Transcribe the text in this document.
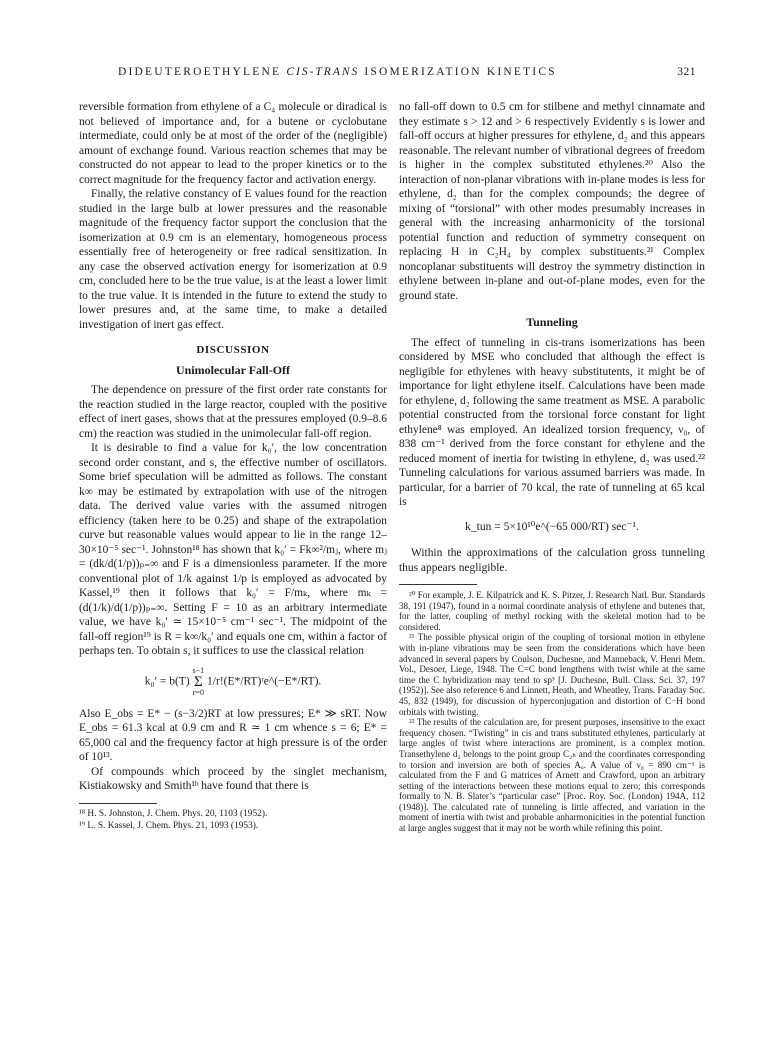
DIDEUTEROETHYLENE CIS-TRANS ISOMERIZATION KINETICS	321

reversible formation from ethylene of a C₄ molecule or diradical is not believed of importance and, for a butene or cyclobutane intermediate, could only be at most of the order of the (negligible) amount of exchange found. Various reaction schemes that may be constructed do not appear to lead to the proper kinetics or to the correct magnitude for the frequency factor and activation energy.

Finally, the relative constancy of E values found for the reaction studied in the large bulb at lower pressures and the reasonable magnitude of the frequency factor support the conclusion that the isomerization at 0.9 cm is an elementary, homogeneous process essentially free of heterogeneity or free radical sensitization. In any case the observed activation energy for isomerization at 0.9 cm, concluded here to be the true value, is at the least a lower limit to the true value. It is intended in the future to extend the study to lower presures and, at the same time, to make a detailed investigation of inert gas effect.

DISCUSSION
Unimolecular Fall-Off

The dependence on pressure of the first order rate constants for the reaction studied in the large reactor, coupled with the positive effect of inert gases, shows that at the pressures employed (0.9–8.6 cm) the reaction was studied in the unimolecular fall-off region.

It is desirable to find a value for k₀′, the low concentration second order constant, and s, the effective number of oscillators. Some brief speculation will be admitted as follows. The constant k∞ may be estimated by extrapolation with use of the nitrogen data. The derived value varies with the assumed nitrogen efficiency (taken here to be 0.25) and shape of the extrapolation curve but reasonable values would appear to lie in the range 12–30×10⁻⁵ sec⁻¹. Johnston¹⁸ has shown that k₀′ = Fk∞²/mⱼ, where mⱼ = (dk/d(1/p))ₚ₌∞ and F is a dimensionless parameter. If the more conventional plot of 1/k against 1/p is employed as advocated by Kassel,¹⁹ then it follows that k₀′ = F/mₖ, where mₖ = (d(1/k)/d(1/p))ₚ₌∞. Setting F = 10 as an arbitrary intermediate value, we have k₀′ ≃ 15×10⁻⁵ cm⁻¹ sec⁻¹. The midpoint of the fall-off region¹⁹ is R = k∞/k₀′ and equals one cm, within a factor of perhaps ten. To obtain s, it suffices to use the classical relation

k₀′ = b(T) s−1
Σ
r=0 1/r!(E*/RT)ʳe^(−E*/RT).

Also E_obs = E* − (s−3/2)RT at low pressures; E* ≫ sRT. Now E_obs = 61.3 kcal at 0.9 cm and R ≃ 1 cm whence s = 6; E* = 65,000 cal and the frequency factor at high pressure is of the order of 10¹³.

Of compounds which proceed by the singlet mechanism, Kistiakowsky and Smith¹ᵇ have found that there is

¹⁸ H. S. Johnston, J. Chem. Phys. 20, 1103 (1952).

¹⁹ L. S. Kassel, J. Chem. Phys. 21, 1093 (1953).

no fall-off down to 0.5 cm for stilbene and methyl cinnamate and they estimate s > 12 and > 6 respectively Evidently s is lower and fall-off occurs at higher pressures for ethylene, d₂ and this appears reasonable. The relevant number of vibrational degrees of freedom is higher in the complex substituted ethylenes.²⁰ Also the interaction of non-planar vibrations with in-plane modes is less for ethylene, d₂ than for the complex compounds; the degree of mixing of “torsional” with other modes presumably increases in general with the increasing anharmonicity of the torsional potential function and reduction of symmetry consequent on replacing H in C₂H₄ by complex substituents.²¹ Complex noncoplanar substituents will destroy the symmetry distinction in ethylene between in-plane and out-of-plane modes, even for the ground state.

Tunneling

The effect of tunneling in cis-trans isomerizations has been considered by MSE who concluded that although the effect is negligible for ethylenes with heavy substitutents, it might be of importance for light ethylene itself. Calculations have been made for ethylene, d₂ following the same treatment as MSE. A parabolic potential constructed from the torsional force constant for light ethylene⁸ was employed. An idealized torsion frequency, ν₀, of 838 cm⁻¹ derived from the force constant for ethylene and the reduced moment of inertia for twisting in ethylene, d₂ was used.²² Tunneling calculations for various assumed barriers was made. In particular, for a barrier of 70 kcal, the rate of tunneling at 65 kcal is

k_tun = 5×10¹⁰e^(−65 000/RT) sec⁻¹.

Within the approximations of the calculation gross tunneling thus appears negligible.

²⁰ For example, J. E. Kilpatrick and K. S. Pitzer, J. Research Natl. Bur. Standards 38, 191 (1947), found in a normal coordinate analysis of ethylene and butenes that, for the latter, coupling of methyl rocking with the skeletal motion had to be considered.

²¹ The possible physical origin of the coupling of torsional motion in ethylene with in-plane vibrations may be seen from the considerations which have been advanced in several papers by Coulson, Duchesne, and Manneback, V. Henri Mem. Vol., Desoer, Liege, 1948. The C=C bond lengthens with twist while at the same time the C hybridization may tend to sp³ [J. Duchesne, Bull. Class. Sci. 37, 197 (1952)]. See also reference 6 and Linnett, Heath, and Wheatley, Trans. Faraday Soc. 45, 832 (1949), for discussion of hyperconjugation and distortion of C−H bond orbitals with twisting.

²² The results of the calculation are, for present purposes, insensitive to the exact frequency chosen. “Twisting” in cis and trans substituted ethylenes, particularly at large angles of twist where interactions are prominent, is a complex motion. Transethylene d₂ belongs to the point group C₂ₕ and the coordinates corresponding to torsion and inversion are both of species Aᵤ. A value of ν₀ = 890 cm⁻¹ is calculated from the F and G matrices of Arnett and Crawford, upon an arbitrary setting of the interactions between these motions equal to zero; this corresponds formally to N. B. Slater’s “particular case” [Proc. Roy. Soc. (London) 194A, 112 (1948)]. The calculated rate of tunneling is little affected, and variation in the moment of inertia with twist and probable anharmonicities in the potential function at large angles suggest that it may not be worth while refining this point.
